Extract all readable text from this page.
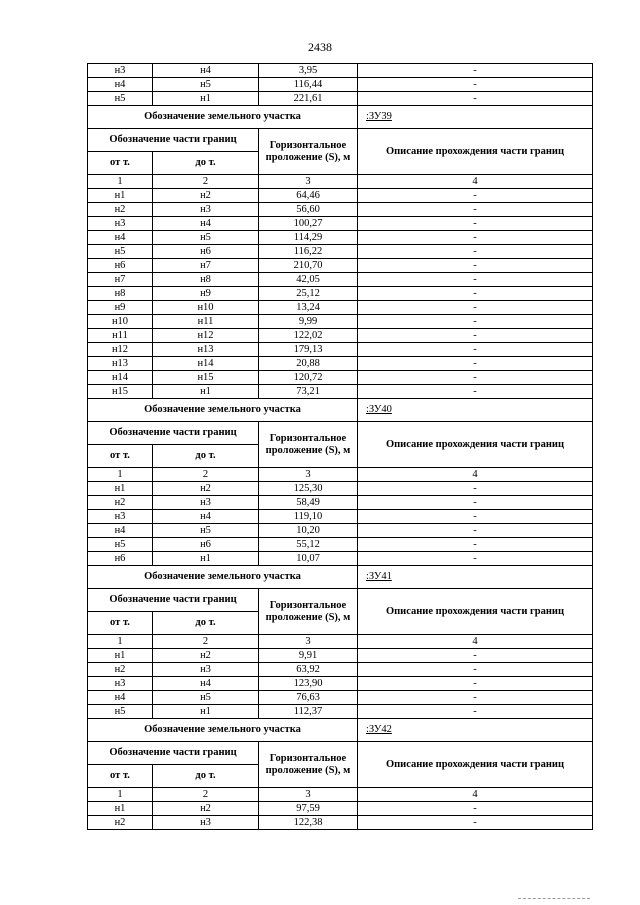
2438
н3	н4	3,95	-
н4	н5	116,44	-
н5	н1	221,61	-
Обозначение земельного участка			:ЗУ39
Обозначение части границ		Горизонтальное проложение (S), м	Описание прохождения части границ
от т.	до т.		
1	2	3	4
н1	н2	64,46	-
н2	н3	56,60	-
н3	н4	100,27	-
н4	н5	114,29	-
н5	н6	116,22	-
н6	н7	210,70	-
н7	н8	42,05	-
н8	н9	25,12	-
н9	н10	13,24	-
н10	н11	9,99	-
н11	н12	122,02	-
н12	н13	179,13	-
н13	н14	20,88	-
н14	н15	120,72	-
н15	н1	73,21	-
Обозначение земельного участка			:ЗУ40
Обозначение части границ		Горизонтальное проложение (S), м	Описание прохождения части границ
от т.	до т.		
1	2	3	4
н1	н2	125,30	-
н2	н3	58,49	-
н3	н4	119,10	-
н4	н5	10,20	-
н5	н6	55,12	-
н6	н1	10,07	-
Обозначение земельного участка			:ЗУ41
Обозначение части границ		Горизонтальное проложение (S), м	Описание прохождения части границ
от т.	до т.		
1	2	3	4
н1	н2	9,91	-
н2	н3	63,92	-
н3	н4	123,90	-
н4	н5	76,63	-
н5	н1	112,37	-
Обозначение земельного участка			:ЗУ42
Обозначение части границ		Горизонтальное проложение (S), м	Описание прохождения части границ
от т.	до т.		
1	2	3	4
н1	н2	97,59	-
н2	н3	122,38	-
